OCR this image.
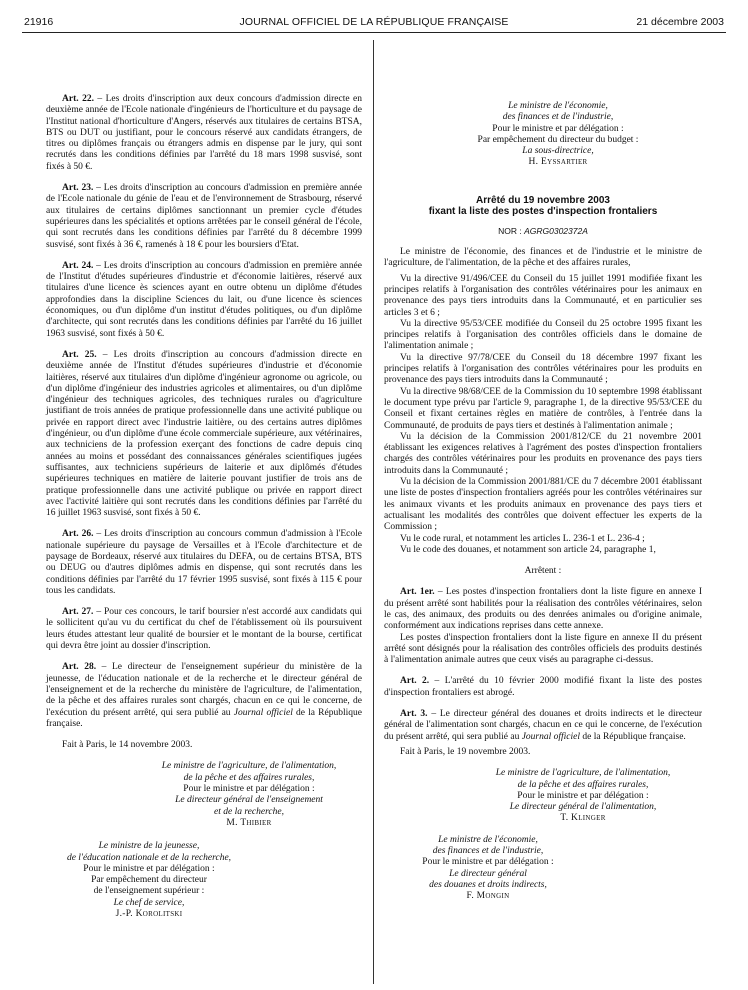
21916	JOURNAL OFFICIEL DE LA RÉPUBLIQUE FRANÇAISE	21 décembre 2003

Art. 22. – Les droits d'inscription aux deux concours d'admission directe en deuxième année de l'Ecole nationale d'ingénieurs de l'horticulture et du paysage de l'Institut national d'horticulture d'Angers, réservés aux titulaires de certains BTSA, BTS ou DUT ou justifiant, pour le concours réservé aux candidats étrangers, de titres ou diplômes français ou étrangers admis en dispense par le jury, qui sont recrutés dans les conditions définies par l'arrêté du 18 mars 1998 susvisé, sont fixés à 50 €.

Art. 23. – Les droits d'inscription au concours d'admission en première année de l'Ecole nationale du génie de l'eau et de l'environnement de Strasbourg, réservé aux titulaires de certains diplômes sanctionnant un premier cycle d'études supérieures dans les spécialités et options arrêtées par le conseil général de l'école, qui sont recrutés dans les conditions définies par l'arrêté du 8 décembre 1999 susvisé, sont fixés à 36 €, ramenés à 18 € pour les boursiers d'Etat.

Art. 24. – Les droits d'inscription au concours d'admission en première année de l'Institut d'études supérieures d'industrie et d'économie laitières, réservé aux titulaires d'une licence ès sciences ayant en outre obtenu un diplôme d'études approfondies dans la discipline Sciences du lait, ou d'une licence ès sciences économiques, ou d'un diplôme d'un institut d'études politiques, ou d'un diplôme d'architecte, qui sont recrutés dans les conditions définies par l'arrêté du 16 juillet 1963 susvisé, sont fixés à 50 €.

Art. 25. – Les droits d'inscription au concours d'admission directe en deuxième année de l'Institut d'études supérieures d'industrie et d'économie laitières, réservé aux titulaires d'un diplôme d'ingénieur agronome ou agricole, ou d'un diplôme d'ingénieur des industries agricoles et alimentaires, ou d'un diplôme d'ingénieur des techniques agricoles, des techniques rurales ou d'agriculture justifiant de trois années de pratique professionnelle dans une activité publique ou privée en rapport direct avec l'industrie laitière, ou des certains autres diplômes d'ingénieur, ou d'un diplôme d'une école commerciale supérieure, aux vétérinaires, aux techniciens de la profession exerçant des fonctions de cadre depuis cinq années au moins et possédant des connaissances générales scientifiques jugées suffisantes, aux techniciens supérieurs de laiterie et aux diplômés d'études supérieures techniques en matière de laiterie pouvant justifier de trois ans de pratique professionnelle dans une activité publique ou privée en rapport direct avec l'activité laitière qui sont recrutés dans les conditions définies par l'arrêté du 16 juillet 1963 susvisé, sont fixés à 50 €.

Art. 26. – Les droits d'inscription au concours commun d'admission à l'Ecole nationale supérieure du paysage de Versailles et à l'Ecole d'architecture et de paysage de Bordeaux, réservé aux titulaires du DEFA, ou de certains BTSA, BTS ou DEUG ou d'autres diplômes admis en dispense, qui sont recrutés dans les conditions définies par l'arrêté du 17 février 1995 susvisé, sont fixés à 115 € pour tous les candidats.

Art. 27. – Pour ces concours, le tarif boursier n'est accordé aux candidats qui le sollicitent qu'au vu du certificat du chef de l'établissement où ils poursuivent leurs études attestant leur qualité de boursier et le montant de la bourse, certificat qui devra être joint au dossier d'inscription.

Art. 28. – Le directeur de l'enseignement supérieur du ministère de la jeunesse, de l'éducation nationale et de la recherche et le directeur général de l'enseignement et de la recherche du ministère de l'agriculture, de l'alimentation, de la pêche et des affaires rurales sont chargés, chacun en ce qui le concerne, de l'exécution du présent arrêté, qui sera publié au Journal officiel de la République française.

Fait à Paris, le 14 novembre 2003.

Le ministre de l'agriculture, de l'alimentation,
de la pêche et des affaires rurales,
Pour le ministre et par délégation :
Le directeur général de l'enseignement
et de la recherche,
M. Thibier
Le ministre de la jeunesse,
de l'éducation nationale et de la recherche,
Pour le ministre et par délégation :
Par empêchement du directeur
de l'enseignement supérieur :
Le chef de service,
J.-P. Korolitski
Le ministre de l'économie,
des finances et de l'industrie,
Pour le ministre et par délégation :
Par empêchement du directeur du budget :
La sous-directrice,
H. Eyssartier
Arrêté du 19 novembre 2003
fixant la liste des postes d'inspection frontaliers
NOR : AGRG0302372A

Le ministre de l'économie, des finances et de l'industrie et le ministre de l'agriculture, de l'alimentation, de la pêche et des affaires rurales,

Vu la directive 91/496/CEE du Conseil du 15 juillet 1991 modifiée fixant les principes relatifs à l'organisation des contrôles vétérinaires pour les animaux en provenance des pays tiers introduits dans la Communauté, et en particulier ses articles 3 et 6 ;

Vu la directive 95/53/CEE modifiée du Conseil du 25 octobre 1995 fixant les principes relatifs à l'organisation des contrôles officiels dans le domaine de l'alimentation animale ;

Vu la directive 97/78/CEE du Conseil du 18 décembre 1997 fixant les principes relatifs à l'organisation des contrôles vétérinaires pour les produits en provenance des pays tiers introduits dans la Communauté ;

Vu la directive 98/68/CEE de la Commission du 10 septembre 1998 établissant le document type prévu par l'article 9, paragraphe 1, de la directive 95/53/CEE du Conseil et fixant certaines règles en matière de contrôles, à l'entrée dans la Communauté, de produits de pays tiers et destinés à l'alimentation animale ;

Vu la décision de la Commission 2001/812/CE du 21 novembre 2001 établissant les exigences relatives à l'agrément des postes d'inspection frontaliers chargés des contrôles vétérinaires pour les produits en provenance des pays tiers introduits dans la Communauté ;

Vu la décision de la Commission 2001/881/CE du 7 décembre 2001 établissant une liste de postes d'inspection frontaliers agréés pour les contrôles vétérinaires sur les animaux vivants et les produits animaux en provenance des pays tiers et actualisant les modalités des contrôles que doivent effectuer les experts de la Commission ;

Vu le code rural, et notamment les articles L. 236-1 et L. 236-4 ;

Vu le code des douanes, et notamment son article 24, paragraphe 1,

Arrêtent :

Art. 1er. – Les postes d'inspection frontaliers dont la liste figure en annexe I du présent arrêté sont habilités pour la réalisation des contrôles vétérinaires, selon le cas, des animaux, des produits ou des denrées animales ou d'origine animale, conformément aux indications reprises dans cette annexe.

Les postes d'inspection frontaliers dont la liste figure en annexe II du présent arrêté sont désignés pour la réalisation des contrôles officiels des produits destinés à l'alimentation animale autres que ceux visés au paragraphe ci-dessus.

Art. 2. – L'arrêté du 10 février 2000 modifié fixant la liste des postes d'inspection frontaliers est abrogé.

Art. 3. – Le directeur général des douanes et droits indirects et le directeur général de l'alimentation sont chargés, chacun en ce qui le concerne, de l'exécution du présent arrêté, qui sera publié au Journal officiel de la République française.

Fait à Paris, le 19 novembre 2003.

Le ministre de l'agriculture, de l'alimentation,
de la pêche et des affaires rurales,
Pour le ministre et par délégation :
Le directeur général de l'alimentation,
T. Klinger
Le ministre de l'économie,
des finances et de l'industrie,
Pour le ministre et par délégation :
Le directeur général
des douanes et droits indirects,
F. Mongin
